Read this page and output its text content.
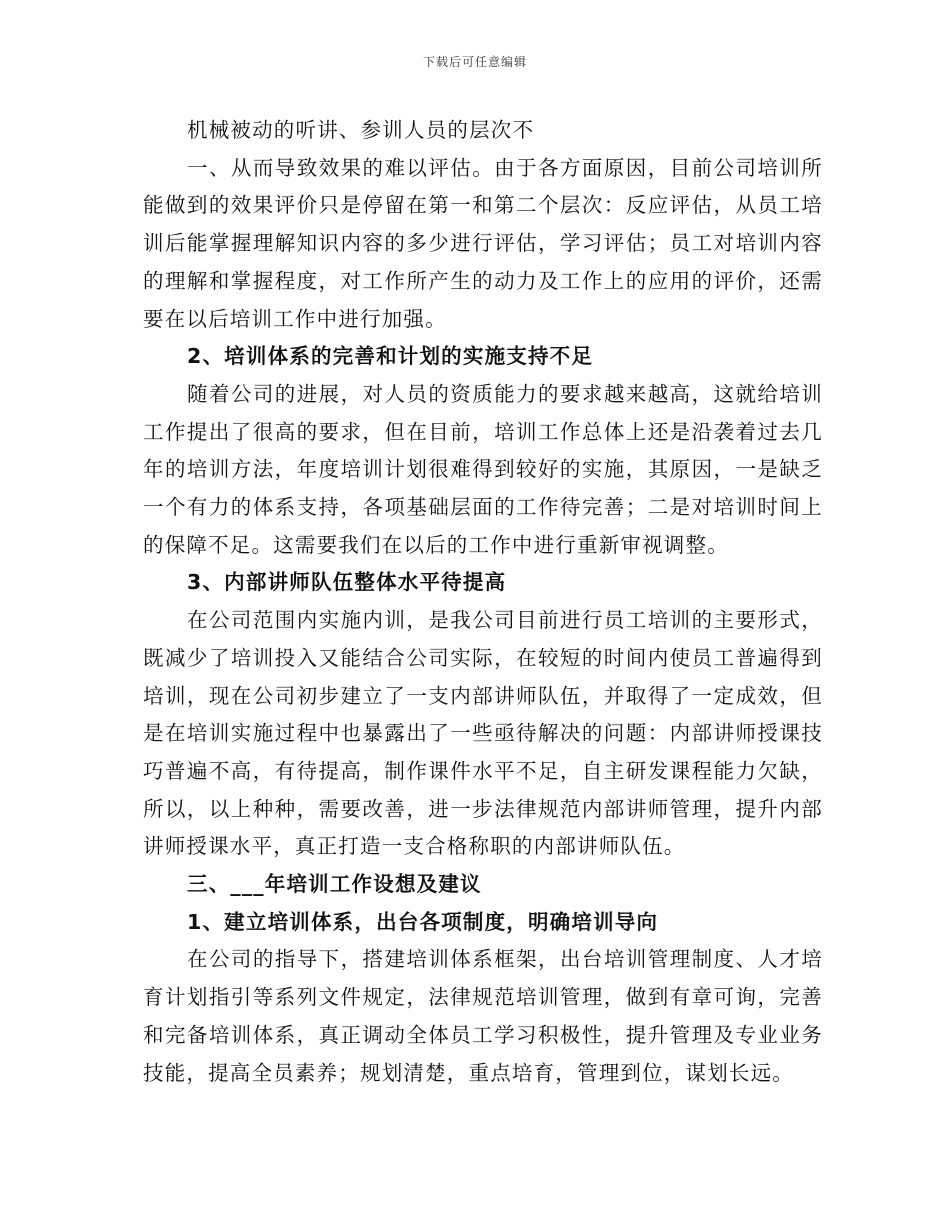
下载后可任意编辑

机械被动的听讲、参训人员的层次不

一、从而导致效果的难以评估。由于各方面原因，目前公司培训所能做到的效果评价只是停留在第一和第二个层次：反应评估，从员工培训后能掌握理解知识内容的多少进行评估，学习评估；员工对培训内容的理解和掌握程度，对工作所产生的动力及工作上的应用的评价，还需要在以后培训工作中进行加强。

2、培训体系的完善和计划的实施支持不足

随着公司的进展，对人员的资质能力的要求越来越高，这就给培训工作提出了很高的要求，但在目前，培训工作总体上还是沿袭着过去几年的培训方法，年度培训计划很难得到较好的实施，其原因，一是缺乏一个有力的体系支持，各项基础层面的工作待完善；二是对培训时间上的保障不足。这需要我们在以后的工作中进行重新审视调整。

3、内部讲师队伍整体水平待提高

在公司范围内实施内训，是我公司目前进行员工培训的主要形式，既减少了培训投入又能结合公司实际，在较短的时间内使员工普遍得到培训，现在公司初步建立了一支内部讲师队伍，并取得了一定成效，但是在培训实施过程中也暴露出了一些亟待解决的问题：内部讲师授课技巧普遍不高，有待提高，制作课件水平不足，自主研发课程能力欠缺，所以，以上种种，需要改善，进一步法律规范内部讲师管理，提升内部讲师授课水平，真正打造一支合格称职的内部讲师队伍。

三、___年培训工作设想及建议

1、建立培训体系，出台各项制度，明确培训导向

在公司的指导下，搭建培训体系框架，出台培训管理制度、人才培育计划指引等系列文件规定，法律规范培训管理，做到有章可询，完善和完备培训体系，真正调动全体员工学习积极性，提升管理及专业业务技能，提高全员素养；规划清楚，重点培育，管理到位，谋划长远。
